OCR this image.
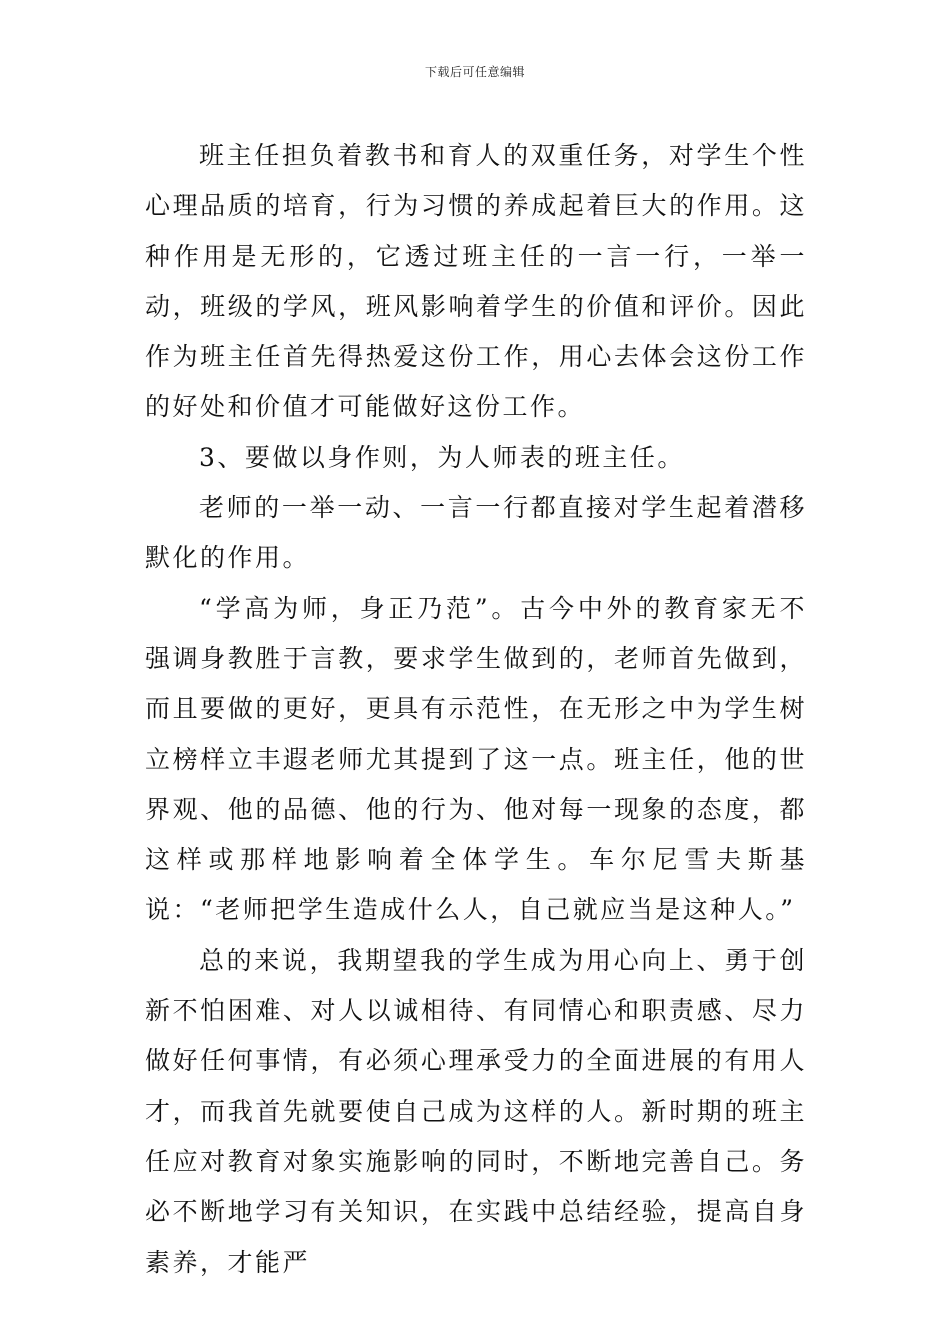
下载后可任意编辑

班主任担负着教书和育人的双重任务，对学生个性心理品质的培育，行为习惯的养成起着巨大的作用。这种作用是无形的，它透过班主任的一言一行，一举一动，班级的学风，班风影响着学生的价值和评价。因此作为班主任首先得热爱这份工作，用心去体会这份工作的好处和价值才可能做好这份工作。

3、要做以身作则，为人师表的班主任。

老师的一举一动、一言一行都直接对学生起着潜移默化的作用。

“学高为师，身正乃范”。古今中外的教育家无不强调身教胜于言教，要求学生做到的，老师首先做到，而且要做的更好，更具有示范性，在无形之中为学生树立榜样立丰遐老师尤其提到了这一点。班主任，他的世界观、他的品德、他的行为、他对每一现象的态度，都这样或那样地影响着全体学生。车尔尼雪夫斯基说：“老师把学生造成什么人，自己就应当是这种人。”

总的来说，我期望我的学生成为用心向上、勇于创新不怕困难、对人以诚相待、有同情心和职责感、尽力做好任何事情，有必须心理承受力的全面进展的有用人才，而我首先就要使自己成为这样的人。新时期的班主任应对教育对象实施影响的同时，不断地完善自己。务必不断地学习有关知识，在实践中总结经验，提高自身素养，才能严
